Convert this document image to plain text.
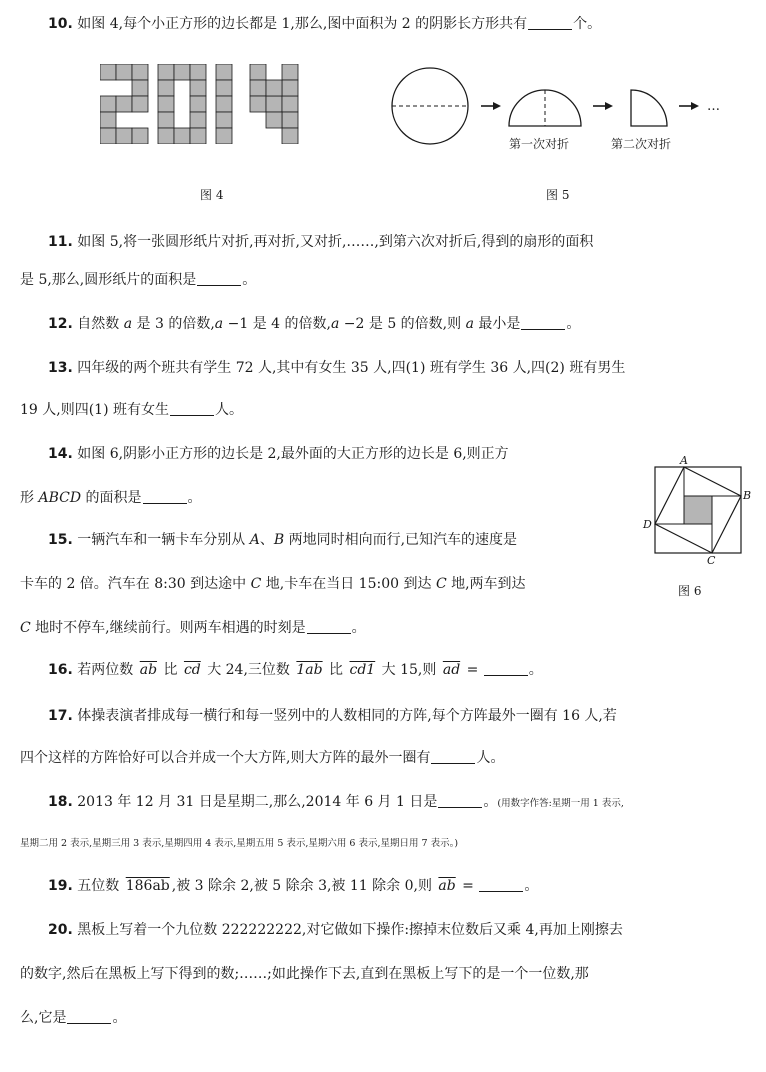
10. 如图 4,每个小正方形的边长都是 1,那么,图中面积为 2 的阴影长方形共有	个。
图 4
…
第一次对折	第二次对折
图 5
11. 如图 5,将一张圆形纸片对折,再对折,又对折,……,到第六次对折后,得到的扇形的面积
是 5,那么,圆形纸片的面积是	。
12. 自然数 a 是 3 的倍数,a −1 是 4 的倍数,a −2 是 5 的倍数,则 a 最小是	。
13. 四年级的两个班共有学生 72 人,其中有女生 35 人,四(1) 班有学生 36 人,四(2) 班有男生
19 人,则四(1) 班有女生	人。
14. 如图 6,阴影小正方形的边长是 2,最外面的大正方形的边长是 6,则正方
形 ABCD 的面积是	。
A
B
C
D
图 6
15. 一辆汽车和一辆卡车分别从 A、B 两地同时相向而行,已知汽车的速度是
卡车的 2 倍。汽车在 8:30 到达途中 C 地,卡车在当日 15:00 到达 C 地,两车到达
C 地时不停车,继续前行。则两车相遇的时刻是	。
16. 若两位数 $\overline{ab}$ 比 $\overline{cd}$ 大 24,三位数 1ab 比 cd1 大 15,则 $\overline{ad}$ =	。
17. 体操表演者排成每一横行和每一竖列中的人数相同的方阵,每个方阵最外一圈有 16 人,若
四个这样的方阵恰好可以合并成一个大方阵,则大方阵的最外一圈有	人。
18. 2013 年 12 月 31 日是星期二,那么,2014 年 6 月 1 日是	。(用数字作答:星期一用 1 表示,
星期二用 2 表示,星期三用 3 表示,星期四用 4 表示,星期五用 5 表示,星期六用 6 表示,星期日用 7 表示。)
19. 五位数 186ab ,被 3 除余 2,被 5 除余 3,被 11 除余 0,则 $\overline{ab}$ =	。
20. 黑板上写着一个九位数 222222222,对它做如下操作:擦掉末位数后又乘 4,再加上刚擦去
的数字,然后在黑板上写下得到的数;……;如此操作下去,直到在黑板上写下的是一个一位数,那
么,它是	。
